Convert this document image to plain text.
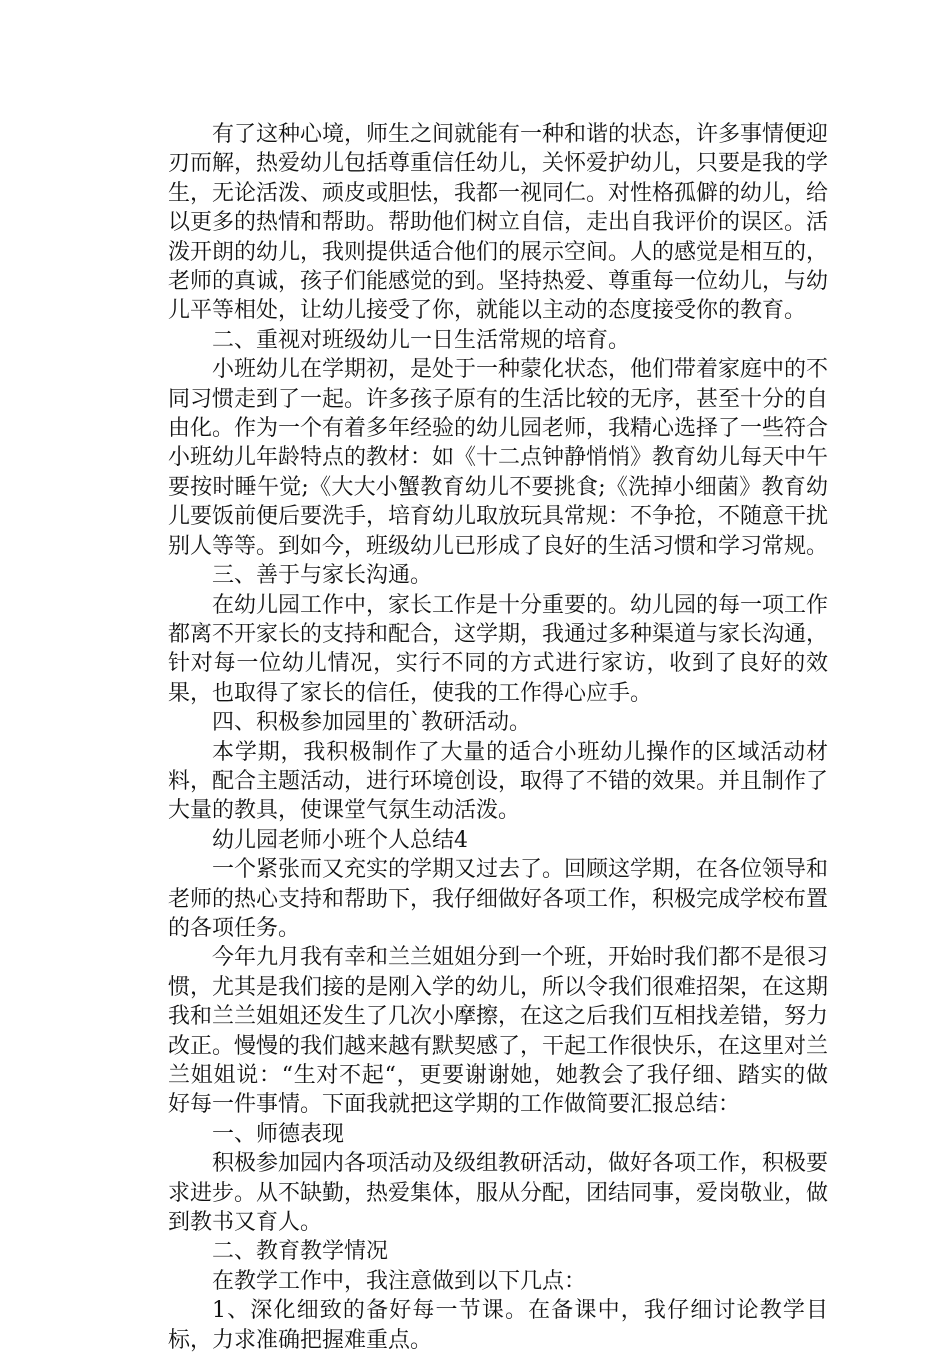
有了这种心境，师生之间就能有一种和谐的状态，许多事情便迎刃而解，热爱幼儿包括尊重信任幼儿，关怀爱护幼儿，只要是我的学生，无论活泼、顽皮或胆怯，我都一视同仁。对性格孤僻的幼儿，给以更多的热情和帮助。帮助他们树立自信，走出自我评价的误区。活泼开朗的幼儿，我则提供适合他们的展示空间。人的感觉是相互的，老师的真诚，孩子们能感觉的到。坚持热爱、尊重每一位幼儿，与幼儿平等相处，让幼儿接受了你，就能以主动的态度接受你的教育。

二、重视对班级幼儿一日生活常规的培育。

小班幼儿在学期初，是处于一种蒙化状态，他们带着家庭中的不同习惯走到了一起。许多孩子原有的生活比较的无序，甚至十分的自由化。作为一个有着多年经验的幼儿园老师，我精心选择了一些符合小班幼儿年龄特点的教材：如《十二点钟静悄悄》教育幼儿每天中午要按时睡午觉;《大大小蟹教育幼儿不要挑食;《洗掉小细菌》教育幼儿要饭前便后要洗手，培育幼儿取放玩具常规：不争抢，不随意干扰别人等等。到如今，班级幼儿已形成了良好的生活习惯和学习常规。

三、善于与家长沟通。

在幼儿园工作中，家长工作是十分重要的。幼儿园的每一项工作都离不开家长的支持和配合，这学期，我通过多种渠道与家长沟通，针对每一位幼儿情况，实行不同的方式进行家访，收到了良好的效果，也取得了家长的信任，使我的工作得心应手。

四、积极参加园里的`教研活动。

本学期，我积极制作了大量的适合小班幼儿操作的区域活动材料，配合主题活动，进行环境创设，取得了不错的效果。并且制作了大量的教具，使课堂气氛生动活泼。

幼儿园老师小班个人总结4

一个紧张而又充实的学期又过去了。回顾这学期，在各位领导和老师的热心支持和帮助下，我仔细做好各项工作，积极完成学校布置的各项任务。

今年九月我有幸和兰兰姐姐分到一个班，开始时我们都不是很习惯，尤其是我们接的是刚入学的幼儿，所以令我们很难招架，在这期我和兰兰姐姐还发生了几次小摩擦，在这之后我们互相找差错，努力改正。慢慢的我们越来越有默契感了，干起工作很快乐，在这里对兰兰姐姐说：“生对不起“，更要谢谢她，她教会了我仔细、踏实的做好每一件事情。下面我就把这学期的工作做简要汇报总结：

一、师德表现

积极参加园内各项活动及级组教研活动，做好各项工作，积极要求进步。从不缺勤，热爱集体，服从分配，团结同事，爱岗敬业，做到教书又育人。

二、教育教学情况

在教学工作中，我注意做到以下几点：

1、深化细致的备好每一节课。在备课中，我仔细讨论教学目标，力求准确把握难重点。
